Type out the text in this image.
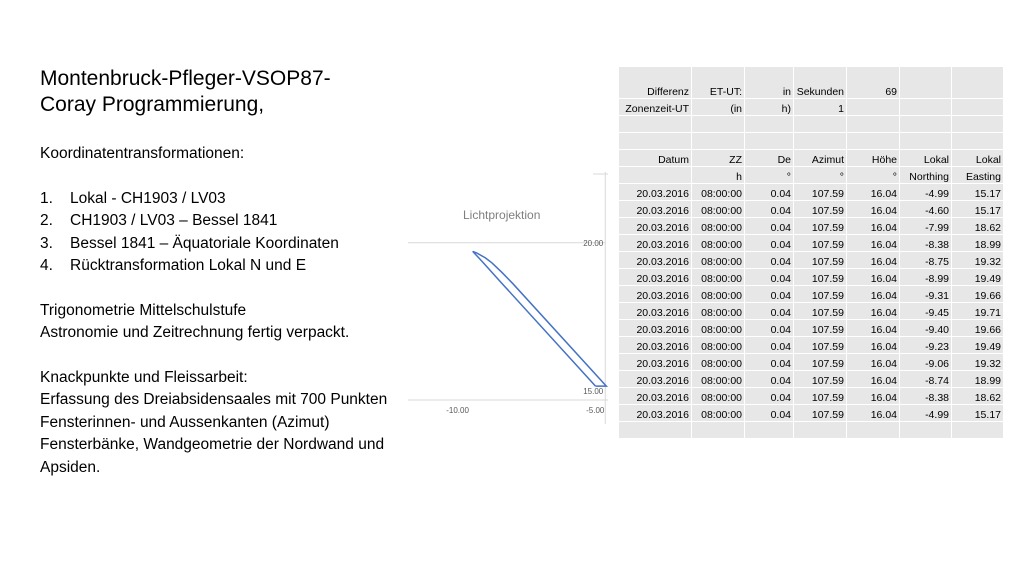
Montenbruck-Pfleger-VSOP87-Coray Programmierung,

Koordinatentransformationen:

1.	Lokal - CH1903 / LV03
2.	CH1903 / LV03 – Bessel 1841
3.	Bessel 1841 – Äquatoriale Koordinaten
4.	Rücktransformation Lokal N und E

Trigonometrie Mittelschulstufe

Astronomie und Zeitrechnung fertig verpackt.

Knackpunkte und Fleissarbeit:

Erfassung des Dreiabsidensaales mit 700 Punkten

Fensterinnen- und Aussenkanten (Azimut)

Fensterbänke, Wandgeometrie der Nordwand und Apsiden.

-10.00	-5.00
20.00
15.00
Lichtprojektion
Differenz	ET-UT:	in	Sekunden	69		
Zonenzeit-UT	(in	h)	1			

Datum	ZZ	De	Azimut	Höhe	Lokal	Lokal
	h	°	°	°	Northing	Easting
20.03.2016	08:00:00	0.04	107.59	16.04	-4.99	15.17
20.03.2016	08:00:00	0.04	107.59	16.04	-4.60	15.17
20.03.2016	08:00:00	0.04	107.59	16.04	-7.99	18.62
20.03.2016	08:00:00	0.04	107.59	16.04	-8.38	18.99
20.03.2016	08:00:00	0.04	107.59	16.04	-8.75	19.32
20.03.2016	08:00:00	0.04	107.59	16.04	-8.99	19.49
20.03.2016	08:00:00	0.04	107.59	16.04	-9.31	19.66
20.03.2016	08:00:00	0.04	107.59	16.04	-9.45	19.71
20.03.2016	08:00:00	0.04	107.59	16.04	-9.40	19.66
20.03.2016	08:00:00	0.04	107.59	16.04	-9.23	19.49
20.03.2016	08:00:00	0.04	107.59	16.04	-9.06	19.32
20.03.2016	08:00:00	0.04	107.59	16.04	-8.74	18.99
20.03.2016	08:00:00	0.04	107.59	16.04	-8.38	18.62
20.03.2016	08:00:00	0.04	107.59	16.04	-4.99	15.17
